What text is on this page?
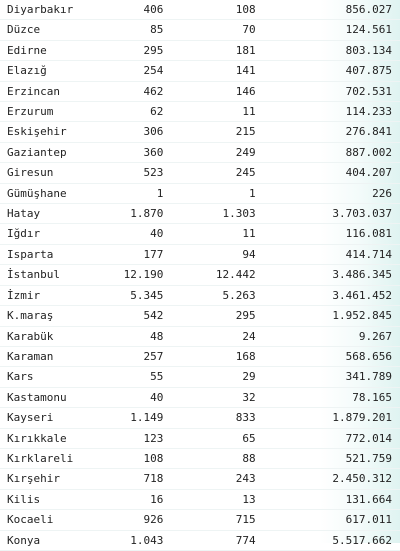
Diyarbakır	406	108	856.027
Düzce	85	70	124.561
Edirne	295	181	803.134
Elazığ	254	141	407.875
Erzincan	462	146	702.531
Erzurum	62	11	114.233
Eskişehir	306	215	276.841
Gaziantep	360	249	887.002
Giresun	523	245	404.207
Gümüşhane	1	1	226
Hatay	1.870	1.303	3.703.037
Iğdır	40	11	116.081
Isparta	177	94	414.714
İstanbul	12.190	12.442	3.486.345
İzmir	5.345	5.263	3.461.452
K.maraş	542	295	1.952.845
Karabük	48	24	9.267
Karaman	257	168	568.656
Kars	55	29	341.789
Kastamonu	40	32	78.165
Kayseri	1.149	833	1.879.201
Kırıkkale	123	65	772.014
Kırklareli	108	88	521.759
Kırşehir	718	243	2.450.312
Kilis	16	13	131.664
Kocaeli	926	715	617.011
Konya	1.043	774	5.517.662
